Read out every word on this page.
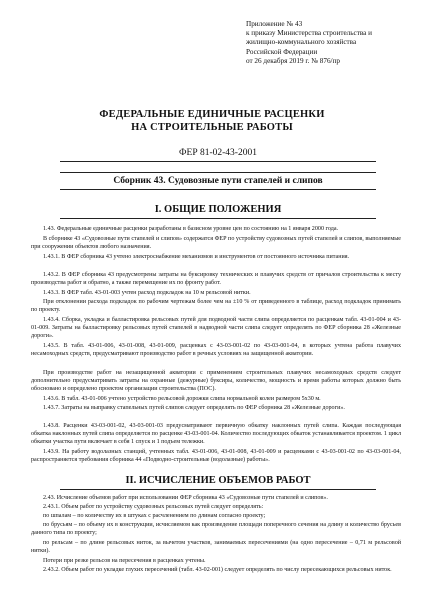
Приложение № 43
к приказу Министерства строительства и
жилищно-коммунального хозяйства
Российской Федерации
от 26 декабря 2019 г. № 876/пр
ФЕДЕРАЛЬНЫЕ ЕДИНИЧНЫЕ РАСЦЕНКИ
НА СТРОИТЕЛЬНЫЕ РАБОТЫ
ФЕР 81-02-43-2001
Сборник 43. Судовозные пути стапелей и слипов
I. ОБЩИЕ ПОЛОЖЕНИЯ
1.43. Федеральные единичные расценки разработаны в базисном уровне цен по состоянию на 1 января 2000 года.
В сборнике 43 «Судовозные пути стапелей и слипов» содержатся ФЕР по устройству судовозных путей стапелей и слипов, выполняемые при сооружении объектов любого назначения.
1.43.1. В ФЕР сборника 43 учтено электроснабжение механизмов и инструментов от постоянного источника питания.
1.43.2. В ФЕР сборника 43 предусмотрены затраты на буксировку технических и плавучих средств от причалов строительства к месту производства работ и обратно, а также перемещение их по фронту работ.
1.43.3. В ФЕР табл. 43-01-003 учтен расход подкладок на 10 м рельсовой нитки.
При отклонении расхода подкладок по рабочим чертежам более чем на ±10 % от приведенного в таблице, расход подкладок принимать по проекту.
1.43.4. Сборка, укладка и балластировка рельсовых путей для подводной части слипа определяется по расценкам табл. 43-01-004 и 43-01-009. Затраты на балластировку рельсовых путей стапелей в надводной части слипа следует определять по ФЕР сборника 28 «Железные дороги».
1.43.5. В табл. 43-01-006, 43-01-008, 43-01-009, расценках с 43-03-001-02 по 43-03-001-04, в которых учтена работа плавучих несамоходных средств, предусматривают производство работ в речных условиях на защищенной акватории.
При производстве работ на незащищенной акватории с применением строительных плавучих несамоходных средств следует дополнительно предусматривать затраты на охранные (дежурные) буксиры, количество, мощность и время работы которых должно быть обосновано и определено проектом организации строительства (ПОС).
1.43.6. В табл. 43-01-006 учтено устройство рельсовой дорожки слипа нормальной колеи размером 5х30 м.
1.43.7. Затраты на выправку стапельных путей слипов следует определять по ФЕР сборника 28 «Железные дороги».
1.43.8. Расценки 43-03-001-02, 43-03-001-03 предусматривают первичную обкатку наклонных путей слипа. Каждая последующая обкатка наклонных путей слипа определяется по расценке 43-03-001-04. Количество последующих обкаток устанавливается проектом. 1 цикл обкатки участка пути включает в себя 1 спуск и 1 подъем тележки.
1.43.9. На работу водолазных станций, учтенных табл. 43-01-006, 43-01-008, 43-01-009 и расценками с 43-03-001-02 по 43-03-001-04, распространяется требования сборника 44 «Подводно-строительные (водолазные) работы».
II. ИСЧИСЛЕНИЕ ОБЪЕМОВ РАБОТ
2.43. Исчисление объемов работ при использовании ФЕР сборника 43 «Судовозные пути стапелей и слипов».
2.43.1. Объем работ по устройству судовозных рельсовых путей следует определять:
по шпалам – по количеству их в штуках с расчленением по длинам согласно проекту;
по брусьям – по объему их в конструкции, исчисляемом как произведение площади поперечного сечения на длину и количество брусьев данного типа по проекту;
по рельсам – по длине рельсовых ниток, за вычетом участков, занимаемых пересечениями (на одно пересечение – 0,71 м рельсовой нитки).
Потери при резке рельсов на пересечения в расценках учтены.
2.43.2. Объем работ по укладке глухих пересечений (табл. 43-02-001) следует определять по числу пересекающихся рельсовых ниток.
